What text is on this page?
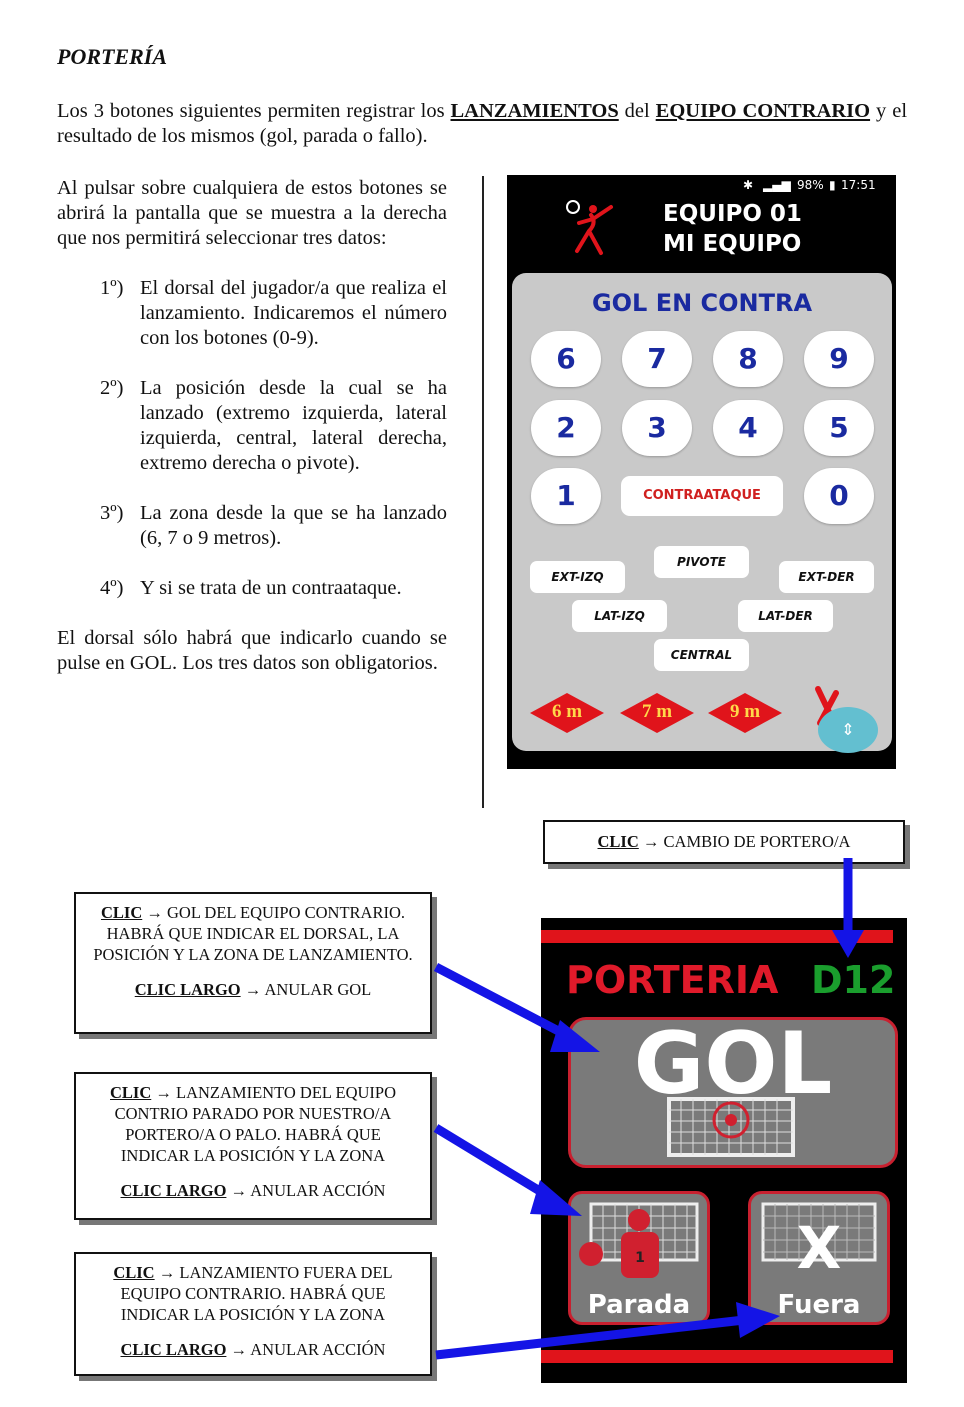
PORTERÍA
Los 3 botones siguientes permiten registrar los LANZAMIENTOS del EQUIPO CONTRARIO y el resultado de los mismos (gol, parada o fallo).

Al pulsar sobre cualquiera de estos botones se abrirá la pantalla que se muestra a la derecha que nos permitirá seleccionar tres datos:

1º) El dorsal del jugador/a que realiza el lanzamiento. Indicaremos el número con los botones (0-9).
2º) La posición desde la cual se ha lanzado (extremo izquierda, lateral izquierda, central, lateral derecha, extremo derecha o pivote).
3º) La zona desde la que se ha lanzado (6, 7 o 9 metros).
4º) Y si se trata de un contraataque.

El dorsal sólo habrá que indicarlo cuando se pulse en GOL. Los tres datos son obligatorios.

✱ ▂▄▆ 98% ▮ 17:51
EQUIPO 01
MI EQUIPO
GOL EN CONTRA
6	7	8	9
2	3	4	5
1	CONTRAATAQUE	0
EXT-IZQ
PIVOTE
EXT-DER
LAT-IZQ	LAT-DER
CENTRAL
6 m	7 m	9 m
⇕
CLIC → CAMBIO DE PORTERO/A

CLIC → GOL DEL EQUIPO CONTRARIO. HABRÁ QUE INDICAR EL DORSAL, LA POSICIÓN Y LA ZONA DE LANZAMIENTO.

CLIC LARGO → ANULAR GOL

CLIC → LANZAMIENTO DEL EQUIPO CONTRIO PARADO POR NUESTRO/A PORTERO/A O PALO. HABRÁ QUE INDICAR LA POSICIÓN Y LA ZONA

CLIC LARGO → ANULAR ACCIÓN

CLIC → LANZAMIENTO FUERA DEL EQUIPO CONTRARIO. HABRÁ QUE INDICAR LA POSICIÓN Y LA ZONA

CLIC LARGO → ANULAR ACCIÓN

PORTERIA D12
GOL
1
Parada
X
Fuera
